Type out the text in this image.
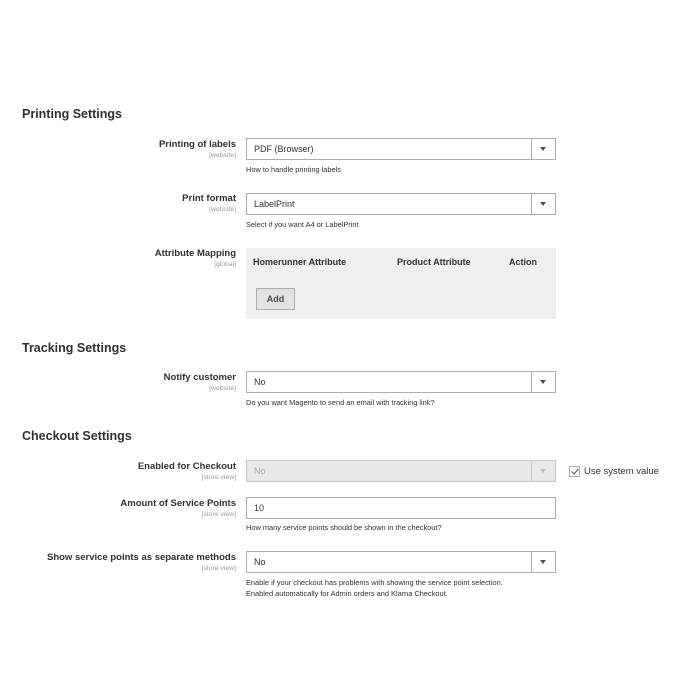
Printing Settings
Printing of labels
[website]
PDF (Browser)
How to handle printing labels
Print format
[website]
LabelPrint
Select if you want A4 or LabelPrint
Attribute Mapping
[global] Homerunner Attribute	Product Attribute	Action
Add
Tracking Settings
Notify customer
[website]
No
Do you want Magento to send an email with tracking link?
Checkout Settings
Enabled for Checkout
[store view]
No	Use system value
Amount of Service Points
[store view]
10
How many service points should be shown in the checkout?
Show service points as separate methods
[store view]
No
Enable if your checkout has problems with showing the service point selection.
Enabled automatically for Admin orders and Klarna Checkout.
